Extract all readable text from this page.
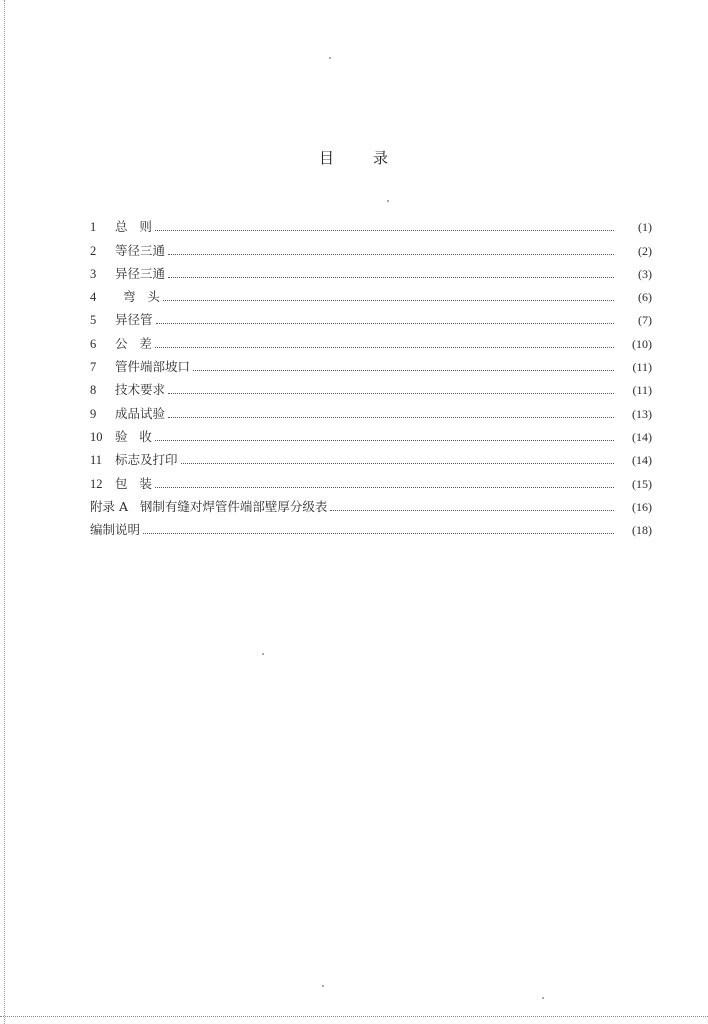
目	录
1	总   则	(1)
2	等径三通	(2)
3	异径三通	(3)
4	弯   头	(6)
5	异径管	(7)
6	公   差	(10)
7	管件端部坡口	(11)
8	技术要求	(11)
9	成品试验	(13)
10	验   收	(14)
11	标志及打印	(14)
12	包   装	(15)
附录 A   钢制有缝对焊管件端部壁厚分级表	(16)
编制说明	(18)
